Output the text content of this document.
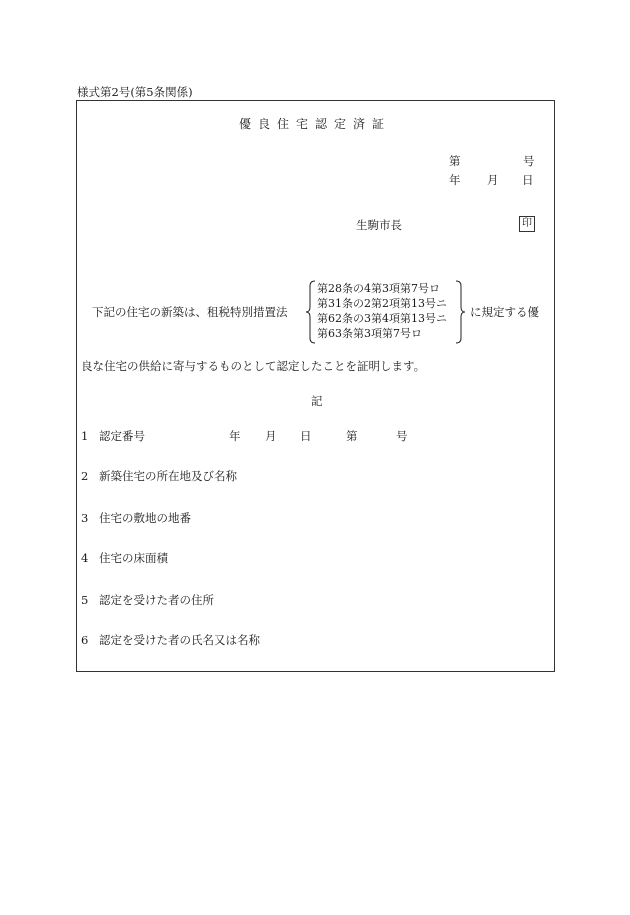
様式第2号(第5条関係)
優良住宅認定済証
第	号
年 月 日
生駒市長	印
下記の住宅の新築は、租税特別措置法
第28条の4第3項第7号ロ
第31条の2第2項第13号ニ
第62条の3第4項第13号ニ
第63条第3項第7号ロ
に規定する優
良な住宅の供給に寄与するものとして認定したことを証明します。
記
1 認定番号	年 月 日	第	号
2 新築住宅の所在地及び名称
3 住宅の敷地の地番
4 住宅の床面積
5 認定を受けた者の住所
6 認定を受けた者の氏名又は名称
